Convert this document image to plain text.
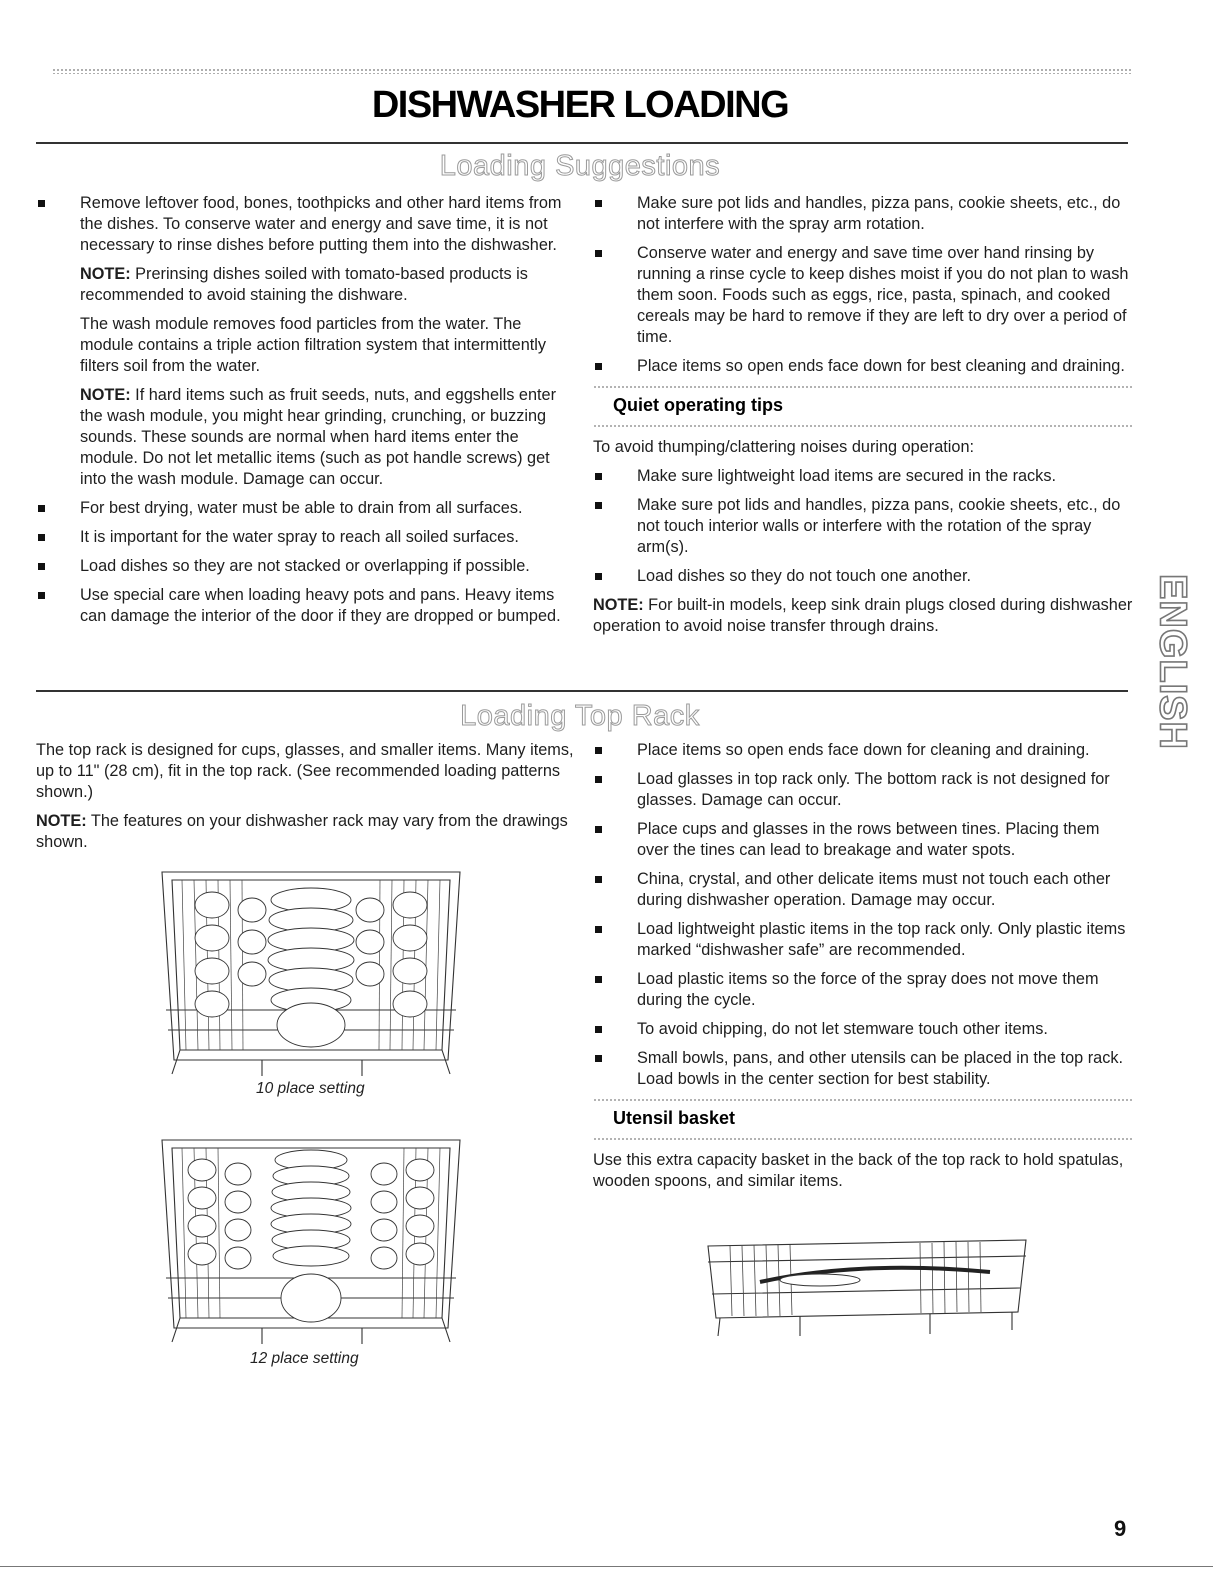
DISHWASHER LOADING
Loading Suggestions
Remove leftover food, bones, toothpicks and other hard items from the dishes. To conserve water and energy and save time, it is not necessary to rinse dishes before putting them into the dishwasher.
NOTE: Prerinsing dishes soiled with tomato-based products is recommended to avoid staining the dishware.
The wash module removes food particles from the water. The module contains a triple action filtration system that intermittently filters soil from the water.
NOTE: If hard items such as fruit seeds, nuts, and eggshells enter the wash module, you might hear grinding, crunching, or buzzing sounds. These sounds are normal when hard items enter the module. Do not let metallic items (such as pot handle screws) get into the wash module. Damage can occur.
For best drying, water must be able to drain from all surfaces.
It is important for the water spray to reach all soiled surfaces.
Load dishes so they are not stacked or overlapping if possible.
Use special care when loading heavy pots and pans. Heavy items can damage the interior of the door if they are dropped or bumped.
Make sure pot lids and handles, pizza pans, cookie sheets, etc., do not interfere with the spray arm rotation.
Conserve water and energy and save time over hand rinsing by running a rinse cycle to keep dishes moist if you do not plan to wash them soon. Foods such as eggs, rice, pasta, spinach, and cooked cereals may be hard to remove if they are left to dry over a period of time.
Place items so open ends face down for best cleaning and draining.
Quiet operating tips
To avoid thumping/clattering noises during operation:
Make sure lightweight load items are secured in the racks.
Make sure pot lids and handles, pizza pans, cookie sheets, etc., do not touch interior walls or interfere with the rotation of the spray arm(s).
Load dishes so they do not touch one another.
NOTE: For built-in models, keep sink drain plugs closed during dishwasher operation to avoid noise transfer through drains.
Loading Top Rack
The top rack is designed for cups, glasses, and smaller items. Many items, up to 11" (28 cm), fit in the top rack. (See recommended loading patterns shown.)
NOTE: The features on your dishwasher rack may vary from the drawings shown.
10 place setting
12 place setting
Place items so open ends face down for cleaning and draining.
Load glasses in top rack only. The bottom rack is not designed for glasses. Damage can occur.
Place cups and glasses in the rows between tines. Placing them over the tines can lead to breakage and water spots.
China, crystal, and other delicate items must not touch each other during dishwasher operation. Damage may occur.
Load lightweight plastic items in the top rack only. Only plastic items marked “dishwasher safe” are recommended.
Load plastic items so the force of the spray does not move them during the cycle.
To avoid chipping, do not let stemware touch other items.
Small bowls, pans, and other utensils can be placed in the top rack. Load bowls in the center section for best stability.
Utensil basket
Use this extra capacity basket in the back of the top rack to hold spatulas, wooden spoons, and similar items.
ENGLISH
9
